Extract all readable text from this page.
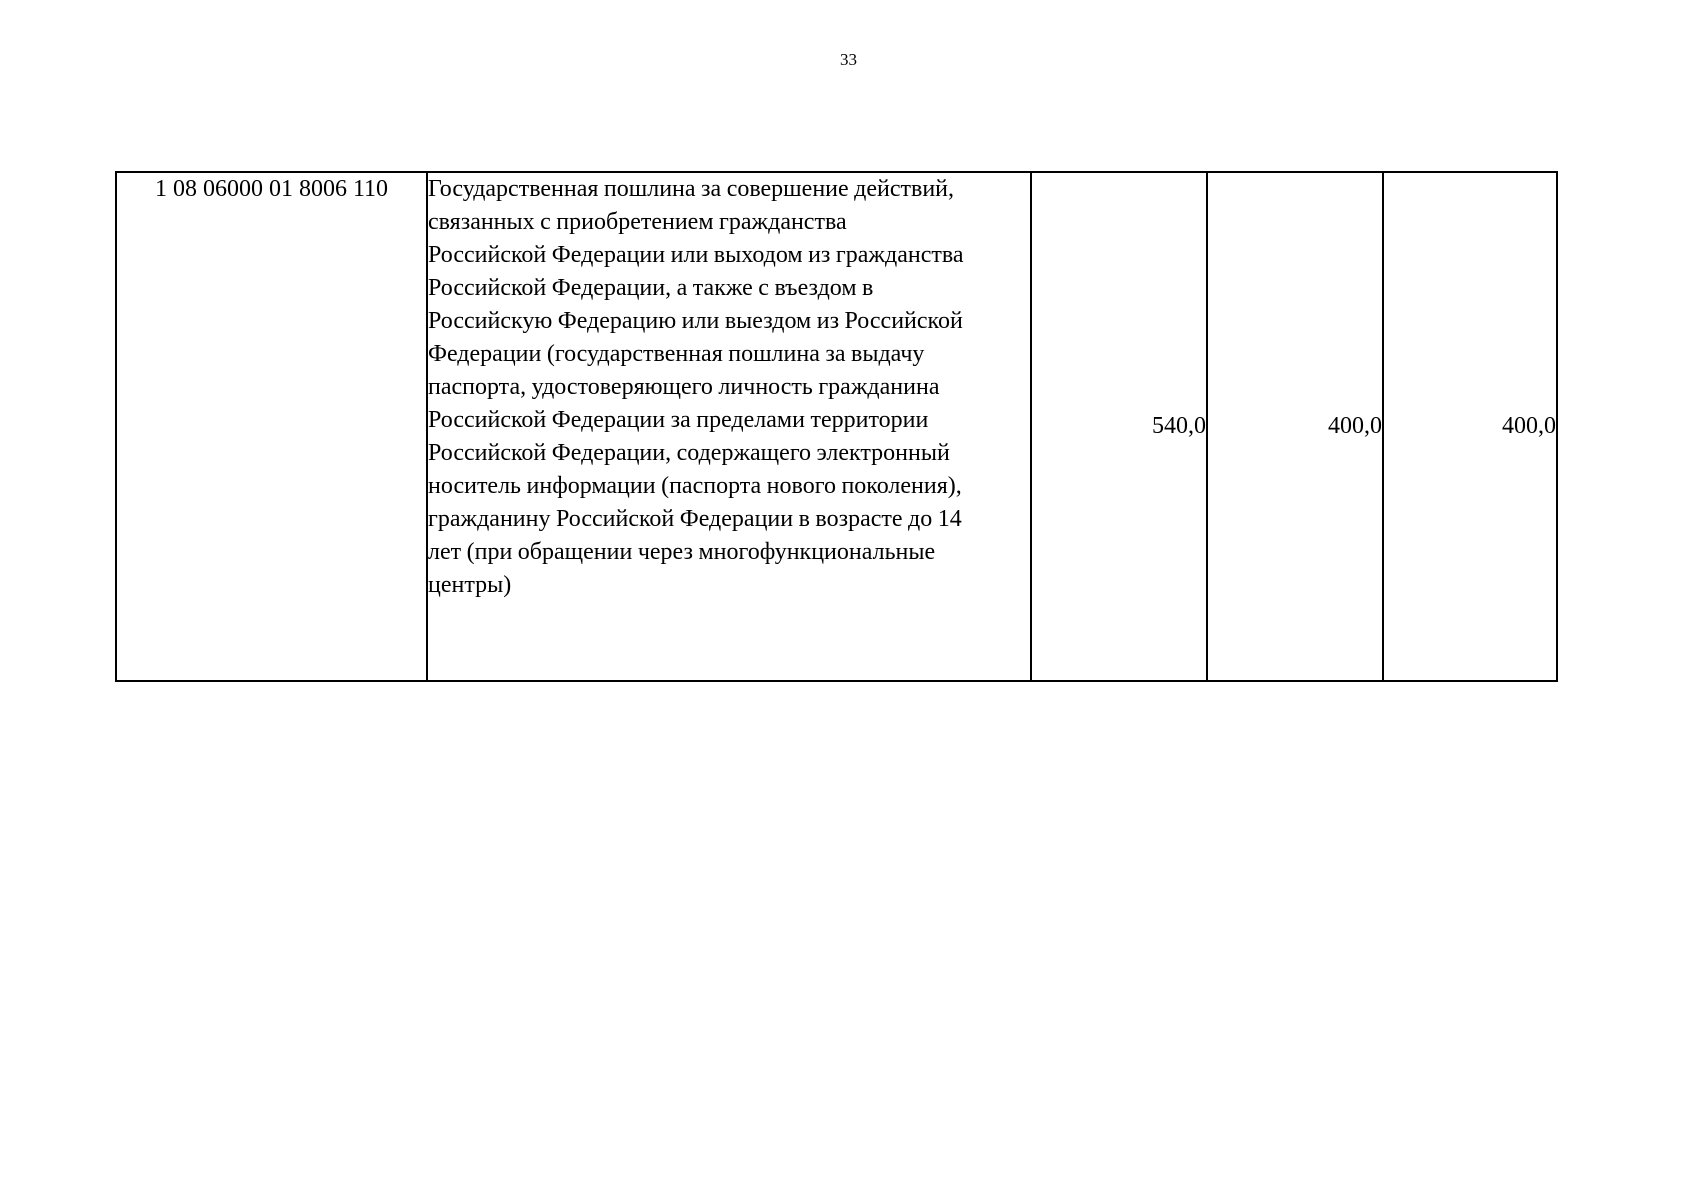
33
1 08 06000 01 8006 110	Государственная пошлина за совершение действий,
связанных с приобретением гражданства
Российской Федерации или выходом из гражданства
Российской Федерации, а также с въездом в
Российскую Федерацию или выездом из Российской
Федерации (государственная пошлина за выдачу
паспорта, удостоверяющего личность гражданина
Российской Федерации за пределами территории
Российской Федерации, содержащего электронный
носитель информации (паспорта нового поколения),
гражданину Российской Федерации в возрасте до 14
лет (при обращении через многофункциональные
центры)
	540,0	400,0	400,0
